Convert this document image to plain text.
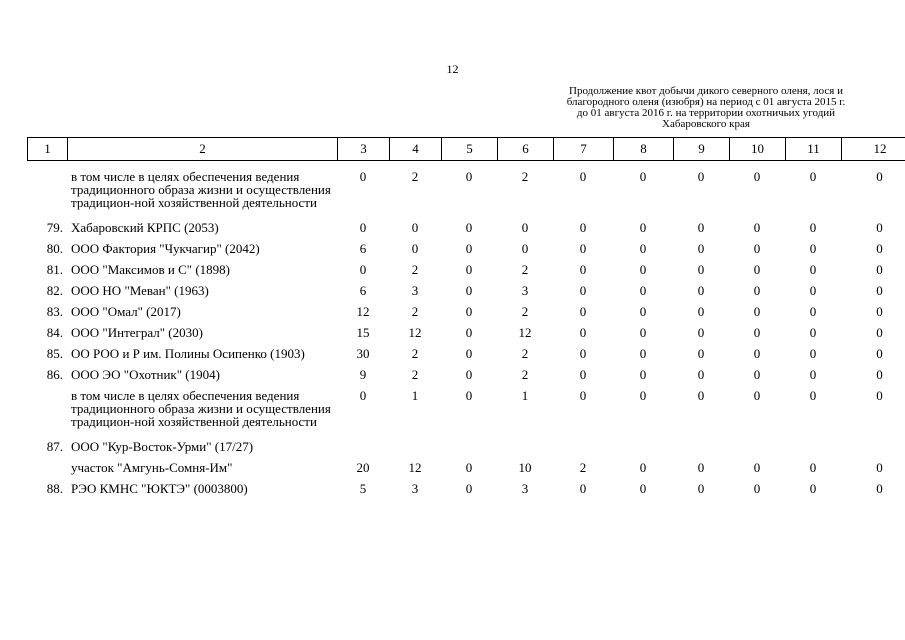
12
Продолжение квот добычи дикого северного оленя, лося и
благородного оленя (изюбря) на период с 01 августа 2015 г.
до 01 августа 2016 г. на территории охотничьих угодий
Хабаровского края
1	2	3	4	5	6	7	8	9	10	11	12
	в том числе в целях обеспечения ведения традиционного образа жизни и осуществления традицион-ной хозяйственной деятельности	0	2	0	2	0	0	0	0	0	0
79.	Хабаровский КРПС (2053)	0	0	0	0	0	0	0	0	0	0
80.	ООО Фактория "Чукчагир" (2042)	6	0	0	0	0	0	0	0	0	0
81.	ООО "Максимов и С" (1898)	0	2	0	2	0	0	0	0	0	0
82.	ООО НО "Меван" (1963)	6	3	0	3	0	0	0	0	0	0
83.	ООО "Омал" (2017)	12	2	0	2	0	0	0	0	0	0
84.	ООО "Интеграл" (2030)	15	12	0	12	0	0	0	0	0	0
85.	ОО РОО и Р им. Полины Осипенко (1903)	30	2	0	2	0	0	0	0	0	0
86.	ООО ЭО "Охотник" (1904)	9	2	0	2	0	0	0	0	0	0
	в том числе в целях обеспечения ведения традиционного образа жизни и осуществления традицион-ной хозяйственной деятельности	0	1	0	1	0	0	0	0	0	0
87.	ООО "Кур-Восток-Урми" (17/27)										
	участок "Амгунь-Сомня-Им"	20	12	0	10	2	0	0	0	0	0
88.	РЭО КМНС "ЮКТЭ" (0003800)	5	3	0	3	0	0	0	0	0	0
